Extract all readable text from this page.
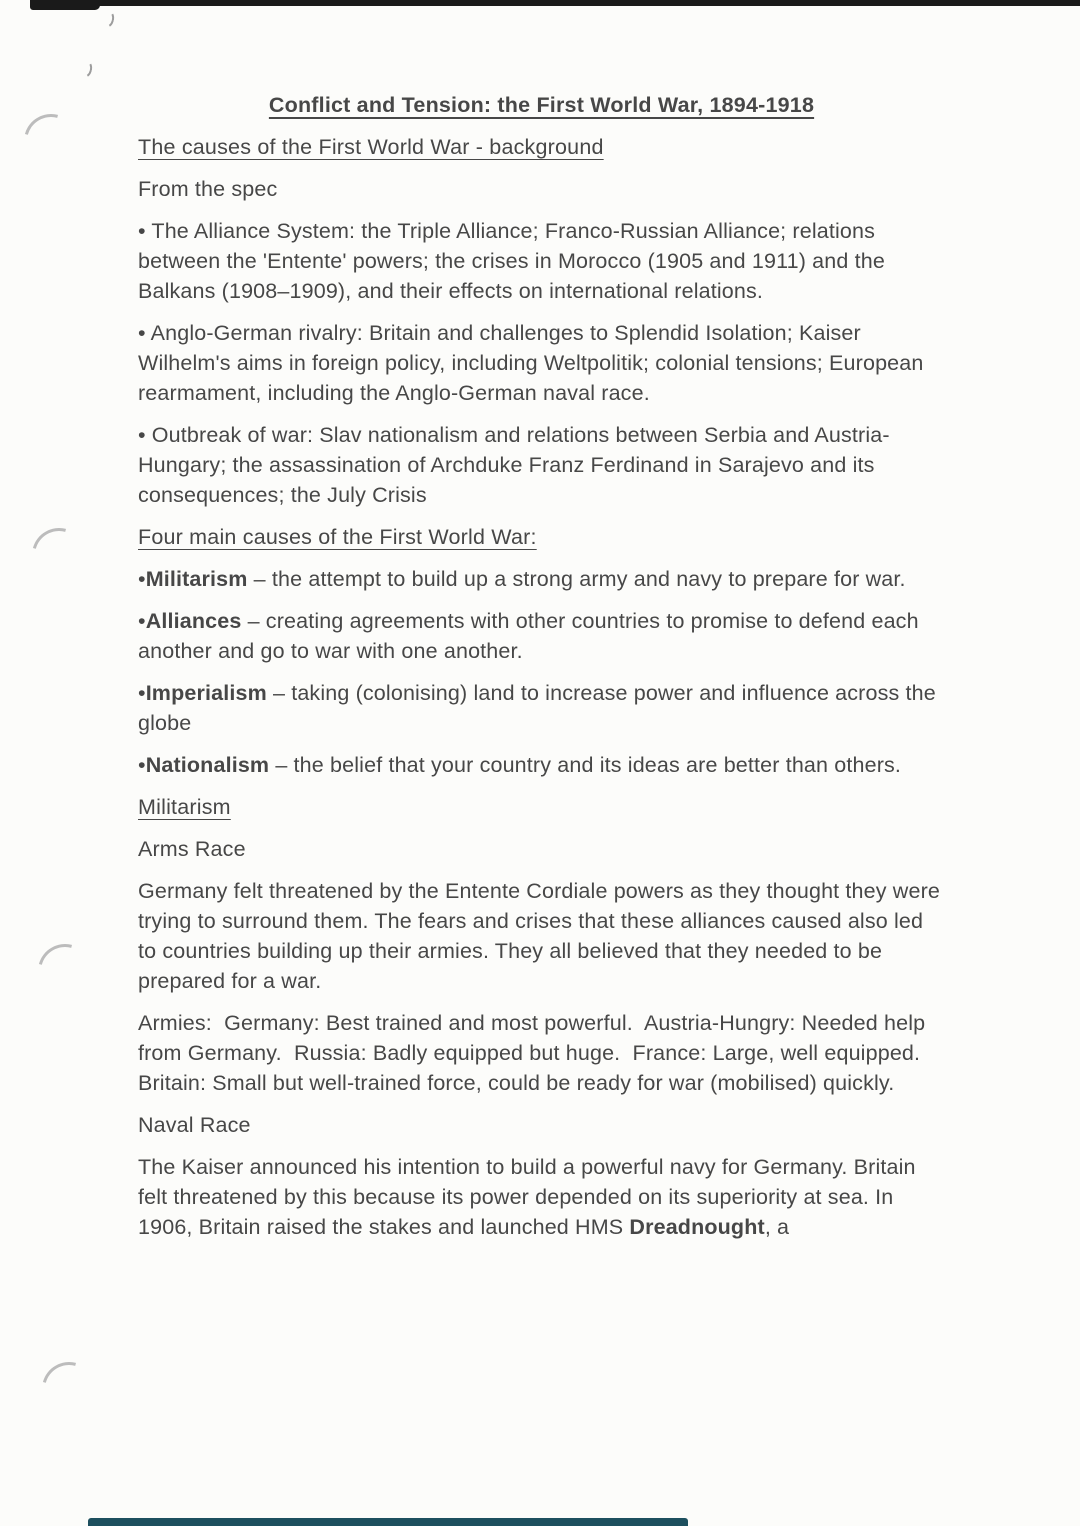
Conflict and Tension: the First World War, 1894-1918
The causes of the First World War - background

From the spec

• The Alliance System: the Triple Alliance; Franco-Russian Alliance; relations between the 'Entente' powers; the crises in Morocco (1905 and 1911) and the Balkans (1908–1909), and their effects on international relations.

• Anglo-German rivalry: Britain and challenges to Splendid Isolation; Kaiser Wilhelm's aims in foreign policy, including Weltpolitik; colonial tensions; European rearmament, including the Anglo-German naval race.

• Outbreak of war: Slav nationalism and relations between Serbia and Austria-Hungary; the assassination of Archduke Franz Ferdinand in Sarajevo and its consequences; the July Crisis

Four main causes of the First World War:

•Militarism – the attempt to build up a strong army and navy to prepare for war.

•Alliances – creating agreements with other countries to promise to defend each another and go to war with one another.

•Imperialism – taking (colonising) land to increase power and influence across the globe

•Nationalism – the belief that your country and its ideas are better than others.

Militarism

Arms Race

Germany felt threatened by the Entente Cordiale powers as they thought they were trying to surround them. The fears and crises that these alliances caused also led to countries building up their armies. They all believed that they needed to be prepared for a war.

Armies:  Germany: Best trained and most powerful.  Austria-Hungry: Needed help from Germany.  Russia: Badly equipped but huge.  France: Large, well equipped. Britain: Small but well-trained force, could be ready for war (mobilised) quickly.

Naval Race

The Kaiser announced his intention to build a powerful navy for Germany. Britain felt threatened by this because its power depended on its superiority at sea. In 1906, Britain raised the stakes and launched HMS Dreadnought, a
